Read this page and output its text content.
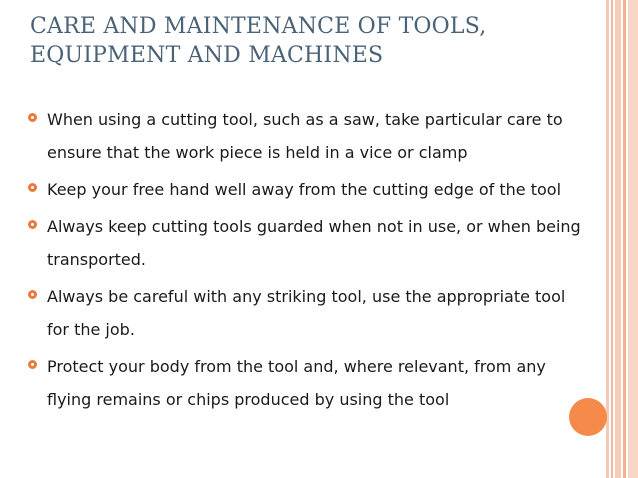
CARE AND MAINTENANCE OF TOOLS, EQUIPMENT AND MACHINES
When using a cutting tool, such as a saw, take particular care to ensure that the work piece is held in a vice or clamp
Keep your free hand well away from the cutting edge of the tool
Always keep cutting tools guarded when not in use, or when being transported.
Always be careful with any striking tool, use the appropriate tool for the job.
Protect your body from the tool and, where relevant, from any flying remains or chips produced by using the tool
